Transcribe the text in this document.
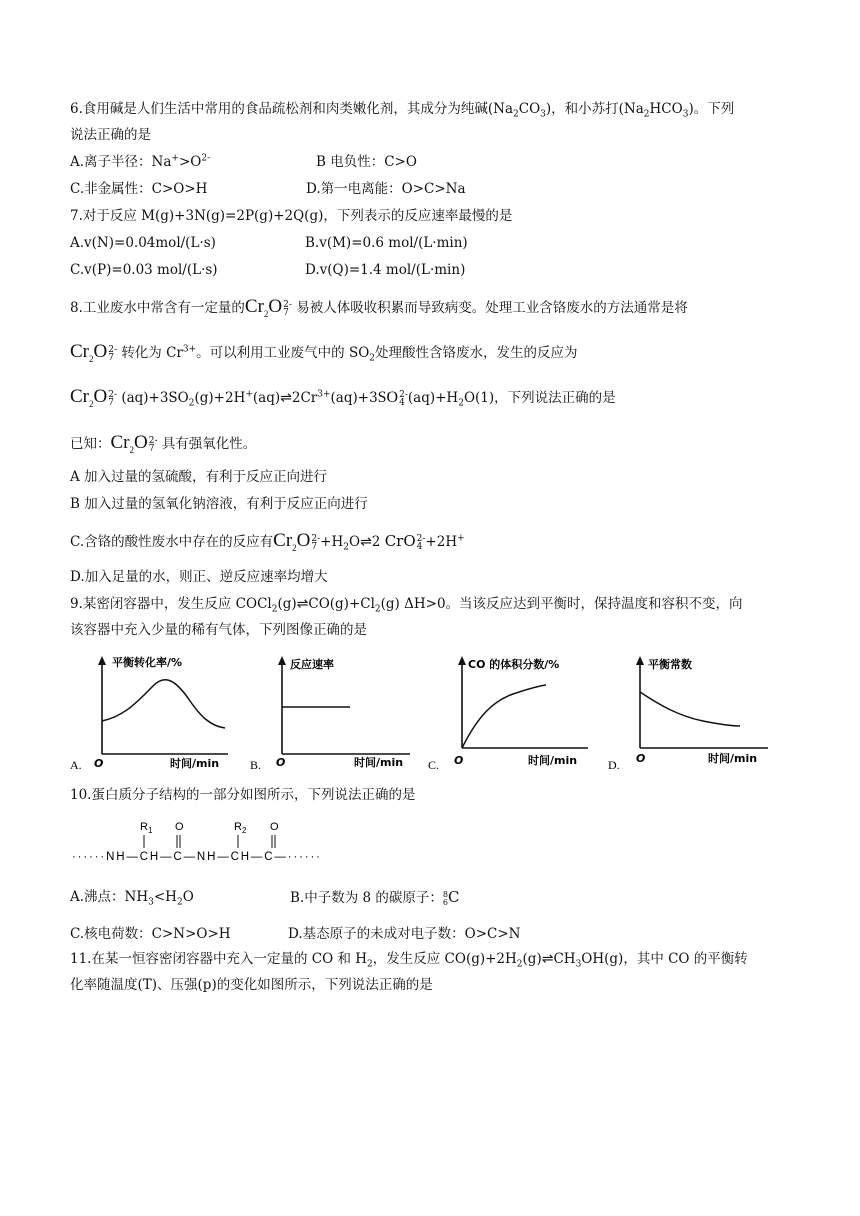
6.食用碱是人们生活中常用的食品疏松剂和肉类嫩化剂，其成分为纯碱$(Na_2CO_3)$，和小苏打$(Na_2HCO_3)$。下列
说法正确的是
A.离子半径：$Na^+>O^{2-}$	B 电负性：C>O
C.非金属性：C>O>H	D.第一电离能：O>C>Na
7.对于反应 M(g)+3N(g)=2P(g)+2Q(g)，下列表示的反应速率最慢的是
A.v(N)=0.04mol/(L·s)	B.v(M)=0.6 mol/(L·min)
C.v(P)=0.03 mol/(L·s)	D.v(Q)=1.4 mol/(L·min)
8.工业废水中常含有一定量的$Cr_2O$ 2-
7 易被人体吸收积累而导致病变。处理工业含铬废水的方法通常是将
$Cr_2O$ 2-
7 转化为 $Cr^{3+}$。可以利用工业废气中的 $SO_2$处理酸性含铬废水，发生的反应为
$Cr_2O$ 2-
7 $(aq)+3SO_2(g)+2H^+(aq)\rightleftharpoons 2Cr^{3+}(aq)+3SO$ 2-
4 $(aq)+H_2O(1)$，下列说法正确的是
已知：$Cr_2O$ 2-
7 具有强氧化性。
A 加入过量的氢硫酸，有利于反应正向进行
B 加入过量的氢氧化钠溶液，有利于反应正向进行
C.含铬的酸性废水中存在的反应有$Cr_2O$ 2-
$7 +H_2O\rightleftharpoons 2$ CrO 2-
4 +2H+
D.加入足量的水，则正、逆反应速率均增大
9.某密闭容器中，发生反应 $COCl_2(g)\rightleftharpoons CO(g)+Cl_2(g)$ ΔH>0。当该反应达到平衡时，保持温度和容积不变，向
该容器中充入少量的稀有气体，下列图像正确的是
A.
平衡转化率/%
O	时间/min	B.
反应速率
O	时间/min C.
CO 的体积分数/%
O	时间/min	D.
平衡常数
O	时间/min
10.蛋白质分子结构的一部分如图所示，下列说法正确的是
$R_1$ O	$R_2$ O
······NH—CH—C—NH—CH—C—······
A.沸点：$NH_3<H_2O$	B.中子数为 8 的碳原子： 8
6 C
C.核电荷数：C>N>O>H	D.基态原子的未成对电子数：O>C>N
11.在某一恒容密闭容器中充入一定量的 CO 和 $H_2$，发生反应 $CO(g)+2H_2(g)\rightleftharpoons CH_3OH(g)$，其中 CO 的平衡转
化率随温度(T)、压强(p)的变化如图所示，下列说法正确的是
